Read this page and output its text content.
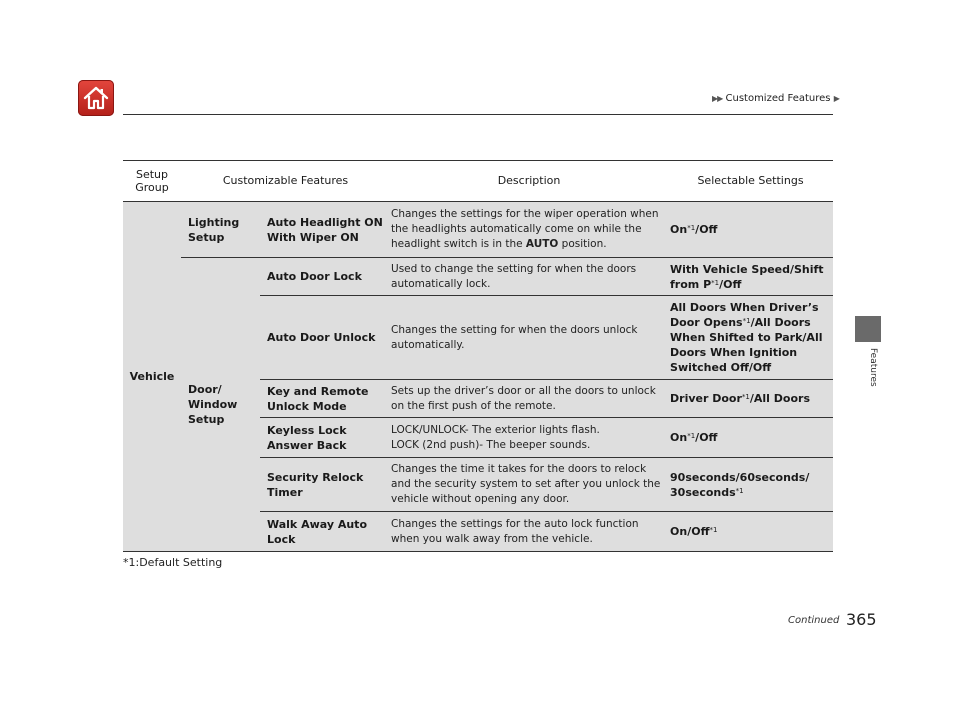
▶▶ Customized Features ▶
Features
Setup Group	Customizable Features		Description	Selectable Settings
Vehicle	Lighting Setup	Auto Headlight ON With Wiper ON	Changes the settings for the wiper operation when the headlights automatically come on while the headlight switch is in the AUTO position.	On$^{*1}$/Off
	Door/ Window Setup	Auto Door Lock	Used to change the setting for when the doors automatically lock.	With Vehicle Speed/Shift from $P^{*1}$/Off
		Auto Door Unlock	Changes the setting for when the doors unlock automatically.	All Doors When Driver’s Door Opens$^{*1}$/All Doors When Shifted to Park/All Doors When Ignition Switched Off/Off
		Key and Remote Unlock Mode	Sets up the driver’s door or all the doors to unlock on the first push of the remote.	Driver Door$^{*1}$/All Doors
		Keyless Lock Answer Back	LOCK/UNLOCK- The exterior lights flash.
LOCK (2nd push)- The beeper sounds.	On$^{*1}$/Off
		Security Relock Timer	Changes the time it takes for the doors to relock and the security system to set after you unlock the vehicle without opening any door.	90seconds/60seconds/ 30seconds$^{*1}$
		Walk Away Auto Lock	Changes the settings for the auto lock function when you walk away from the vehicle.	On/Off$^{*1}$
*1:Default Setting
Continued 365
